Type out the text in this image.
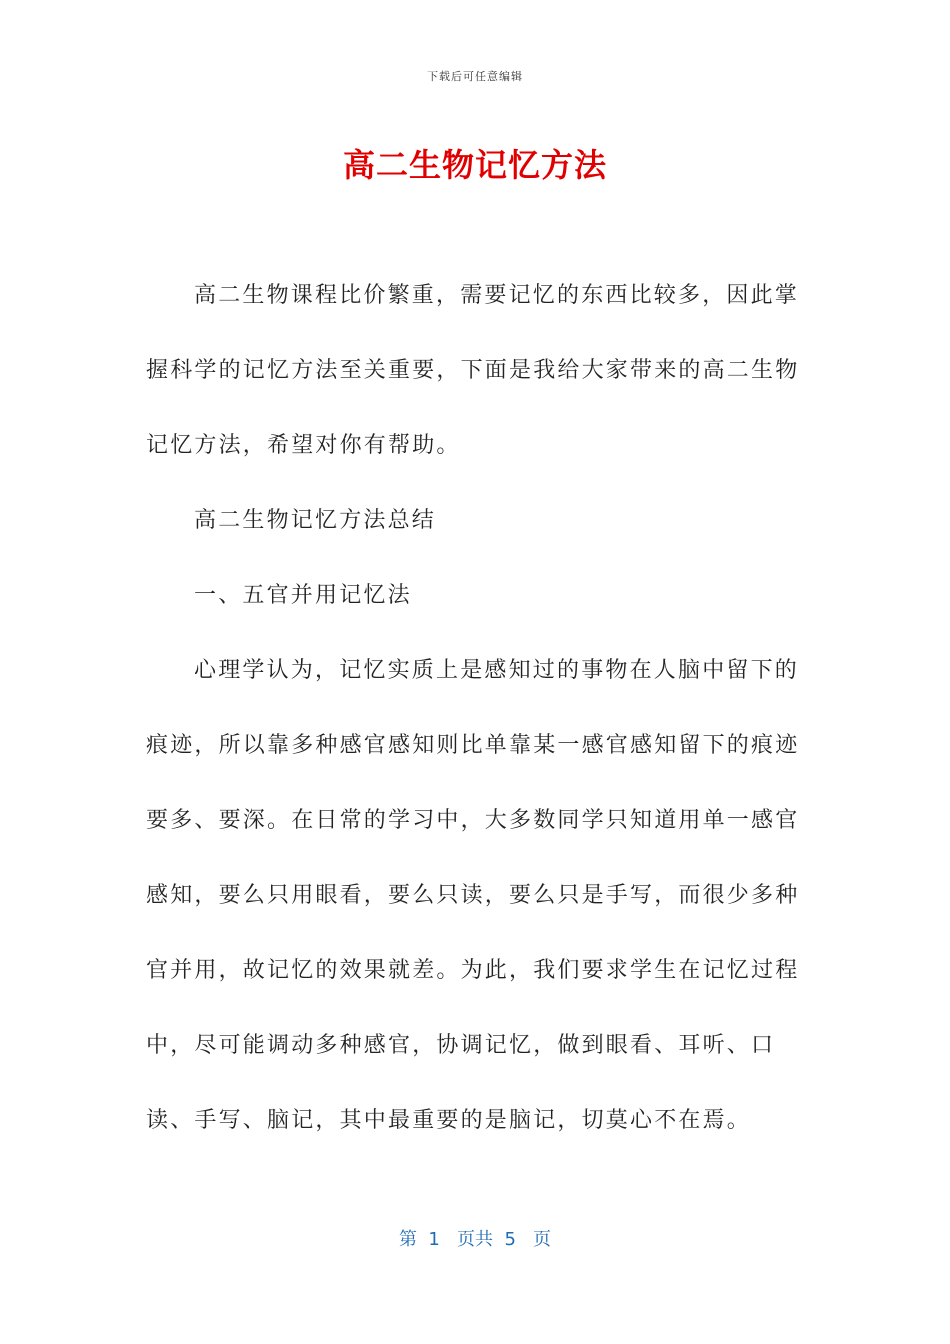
下载后可任意编辑
高二生物记忆方法

高二生物课程比价繁重，需要记忆的东西比较多，因此掌握科学的记忆方法至关重要，下面是我给大家带来的高二生物记忆方法，希望对你有帮助。

高二生物记忆方法总结

一、五官并用记忆法

心理学认为，记忆实质上是感知过的事物在人脑中留下的痕迹，所以靠多种感官感知则比单靠某一感官感知留下的痕迹要多、要深。在日常的学习中，大多数同学只知道用单一感官感知，要么只用眼看，要么只读，要么只是手写，而很少多种官并用，故记忆的效果就差。为此，我们要求学生在记忆过程中，尽可能调动多种感官，协调记忆，做到眼看、耳听、口读、手写、脑记，其中最重要的是脑记，切莫心不在焉。

第  1   页共  5   页
